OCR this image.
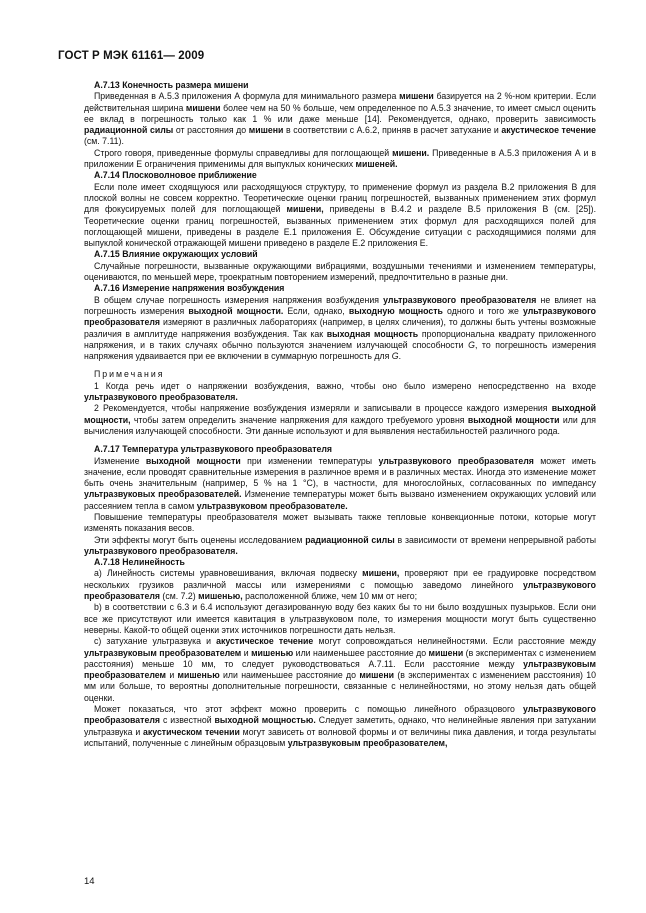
ГОСТ Р МЭК 61161— 2009
А.7.13 Конечность размера мишени

Приведенная в А.5.3 приложения А формула для минимального размера мишени базируется на 2 %-ном критерии. Если действительная ширина мишени более чем на 50 % больше, чем определенное по А.5.3 значение, то имеет смысл оценить ее вклад в погрешность только как 1 % или даже меньше [14]. Рекомендуется, однако, проверить зависимость радиационной силы от расстояния до мишени в соответствии с А.6.2, приняв в расчет затухание и акустическое течение (см. 7.11).

Строго говоря, приведенные формулы справедливы для поглощающей мишени. Приведенные в А.5.3 приложения А и в приложении Е ограничения применимы для выпуклых конических мишеней.

А.7.14 Плосковолновое приближение

Если поле имеет сходящуюся или расходящуюся структуру, то применение формул из раздела В.2 приложения В для плоской волны не совсем корректно. Теоретические оценки границ погрешностей, вызванных применением этих формул для фокусируемых полей для поглощающей мишени, приведены в В.4.2 и разделе В.5 приложения В (см. [25]). Теоретические оценки границ погрешностей, вызванных применением этих формул для расходящихся полей для поглощающей мишени, приведены в разделе Е.1 приложения Е. Обсуждение ситуации с расходящимися полями для выпуклой конической отражающей мишени приведено в разделе Е.2 приложения Е.

А.7.15 Влияние окружающих условий

Случайные погрешности, вызванные окружающими вибрациями, воздушными течениями и изменением температуры, оцениваются, по меньшей мере, троекратным повторением измерений, предпочтительно в разные дни.

А.7.16 Измерение напряжения возбуждения

В общем случае погрешность измерения напряжения возбуждения ультразвукового преобразователя не влияет на погрешность измерения выходной мощности. Если, однако, выходную мощность одного и того же ультразвукового преобразователя измеряют в различных лабораториях (например, в целях сличения), то должны быть учтены возможные различия в амплитуде напряжения возбуждения. Так как выходная мощность пропорциональна квадрату приложенного напряжения, и в таких случаях обычно пользуются значением излучающей способности G, то погрешность измерения напряжения удваивается при ее включении в суммарную погрешность для G.

Примечания

1 Когда речь идет о напряжении возбуждения, важно, чтобы оно было измерено непосредственно на входе ультразвукового преобразователя.

2 Рекомендуется, чтобы напряжение возбуждения измеряли и записывали в процессе каждого измерения выходной мощности, чтобы затем определить значение напряжения для каждого требуемого уровня выходной мощности или для вычисления излучающей способности. Эти данные используют и для выявления нестабильностей различного рода.

А.7.17 Температура ультразвукового преобразователя

Изменение выходной мощности при изменении температуры ультразвукового преобразователя может иметь значение, если проводят сравнительные измерения в различное время и в различных местах. Иногда это изменение может быть очень значительным (например, 5 % на 1 °С), в частности, для многослойных, согласованных по импедансу ультразвуковых преобразователей. Изменение температуры может быть вызвано изменением окружающих условий или рассеянием тепла в самом ультразвуковом преобразователе.

Повышение температуры преобразователя может вызывать также тепловые конвекционные потоки, которые могут изменять показания весов.

Эти эффекты могут быть оценены исследованием радиационной силы в зависимости от времени непрерывной работы ультразвукового преобразователя.

А.7.18 Нелинейность

а) Линейность системы уравновешивания, включая подвеску мишени, проверяют при ее градуировке посредством нескольких грузиков различной массы или измерениями с помощью заведомо линейного ультразвукового преобразователя (см. 7.2) мишенью, расположенной ближе, чем 10 мм от него;

b) в соответствии с 6.3 и 6.4 используют дегазированную воду без каких бы то ни было воздушных пузырьков. Если они все же присутствуют или имеется кавитация в ультразвуковом поле, то измерения мощности могут быть существенно неверны. Какой-то общей оценки этих источников погрешности дать нельзя.

с) затухание ультразвука и акустическое течение могут сопровождаться нелинейностями. Если расстояние между ультразвуковым преобразователем и мишенью или наименьшее расстояние до мишени (в экспериментах с изменением расстояния) меньше 10 мм, то следует руководствоваться А.7.11. Если расстояние между ультразвуковым преобразователем и мишенью или наименьшее расстояние до мишени (в экспериментах с изменением расстояния) 10 мм или больше, то вероятны дополнительные погрешности, связанные с нелинейностями, но этому нельзя дать общей оценки.

Может показаться, что этот эффект можно проверить с помощью линейного образцового ультразвукового преобразователя с известной выходной мощностью. Следует заметить, однако, что нелинейные явления при затухании ультразвука и акустическом течении могут зависеть от волновой формы и от величины пика давления, и тогда результаты испытаний, полученные с линейным образцовым ультразвуковым преобразователем,

14
